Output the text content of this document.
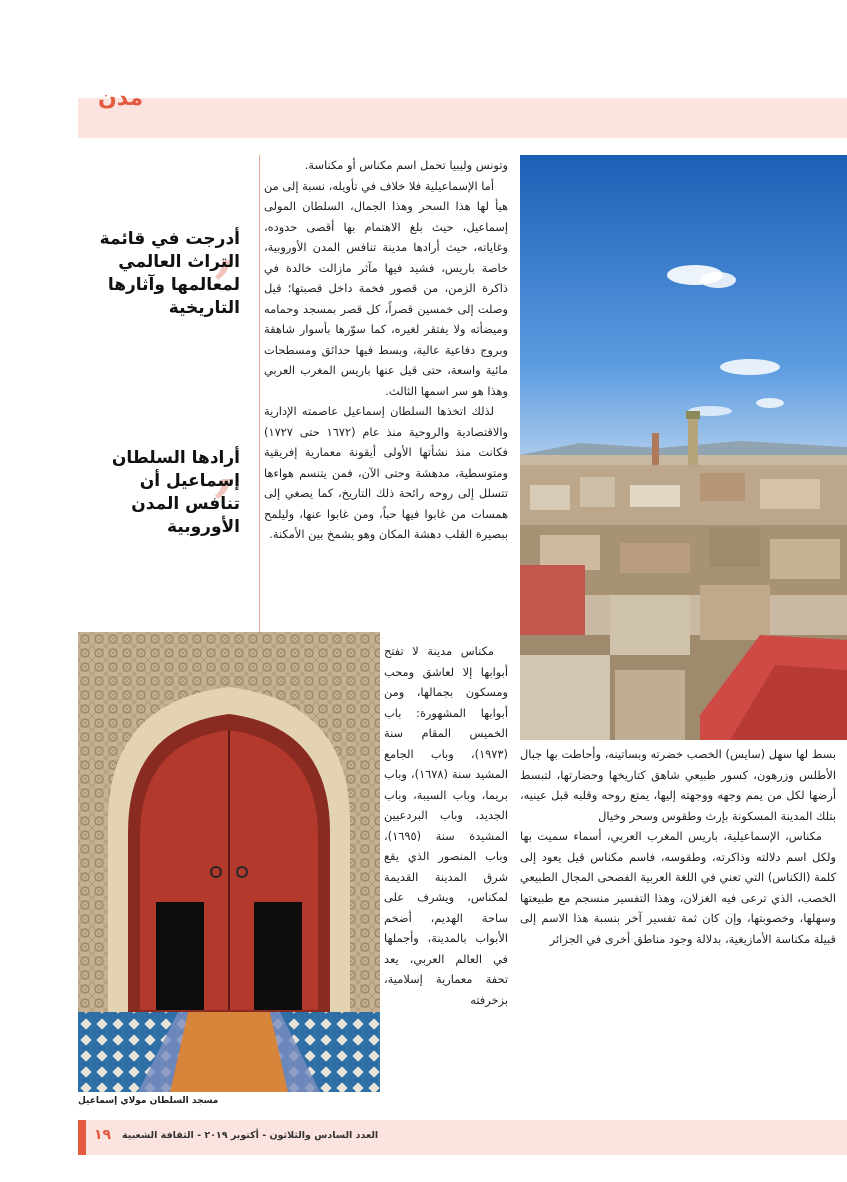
مدن

وتونس وليبيا تحمل اسم مكناس أو مكناسة.

أما الإسماعيلية فلا خلاف في تأويله، نسبة إلى من هيأ لها هذا السحر وهذا الجمال، السلطان المولى إسماعيل، حيث بلغ الاهتمام بها أقصى حدوده، وغاياته، حيث أرادها مدينة تنافس المدن الأوروبية، خاصة باريس، فشيد فيها مآثر مازالت خالدة في ذاكرة الزمن، من قصور فخمة داخل قصبتها؛ قيل وصلت إلى خمسين قصراً، كل قصر بمسجد وحمامه وميضأته ولا يفتقر لغيره، كما سوّرها بأسوار شاهقة وبروج دفاعية عالية، وبسط فيها حدائق ومسطحات مائية واسعة، حتى قيل عنها باريس المغرب العربي وهذا هو سر اسمها الثالث.

لذلك اتخذها السلطان إسماعيل عاصمته الإدارية والاقتصادية والروحية منذ عام (١٦٧٢ حتى ١٧٢٧) فكانت منذ نشأتها الأولى أيقونة معمارية إفريقية ومتوسطية، مدهشة وحتى الآن، فمن يتنسم هواءها تتسلل إلى روحه رائحة ذلك التاريخ، كما يصغي إلى همسات من غابوا فيها حباً، ومن غابوا عنها، وليلمح ببصيرة القلب دهشة المكان وهو يشمخ بين الأمكنة.

,
أدرجت في قائمة التراث العالمي لمعالمها وآثارها التاريخية
,
أرادها السلطان إسماعيل أن تنافس المدن الأوروبية

مكناس مدينة لا تفتح أبوابها إلا لعاشق ومحب ومسكون بجمالها، ومن أبوابها المشهورة: باب الخميس المقام سنة (١٩٧٣)، وباب الجامع المشيد سنة (١٦٧٨)، وباب بريما، وباب السيبة، وباب الجديد، وباب البردعيين المشيدة سنة (١٦٩٥)، وباب المنصور الذي يقع شرق المدينة القديمة لمكناس، ويشرف على ساحة الهديم، أضخم الأبواب بالمدينة، وأجملها في العالم العربي، يعد تحفة معمارية إسلامية، بزخرفته

بسط لها سهل (سايس) الخصب خضرته وبساتينه، وأحاطت بها جبال الأطلس وزرهون، كسور طبيعي شاهق كتاريخها وحضارتها، لتبسط أرضها لكل من يمم وجهه ووجهته إليها، يمتع روحه وقلبه قبل عينيه، بتلك المدينة المسكونة بإرث وطقوس وسحر وخيال

مكناس، الإسماعيلية، باريس المغرب العربي، أسماء سميت بها ولكل اسم دلالته وذاكرته، وطقوسه، فاسم مكناس قيل يعود إلى كلمة (الكناس) التي تعني في اللغة العربية الفصحى المجال الطبيعي الخصب، الذي ترعى فيه الغزلان، وهذا التفسير منسجم مع طبيعتها وسهلها، وخصوبتها، وإن كان ثمة تفسير آخر بنسبة هذا الاسم إلى قبيلة مكناسة الأمازيغية، بدلالة وجود مناطق أخرى في الجزائر

مسجد السلطان مولاي إسماعيل
١٩ العدد السادس والثلاثون - أكتوبر ٢٠١٩ - الثقافة الشعبية
